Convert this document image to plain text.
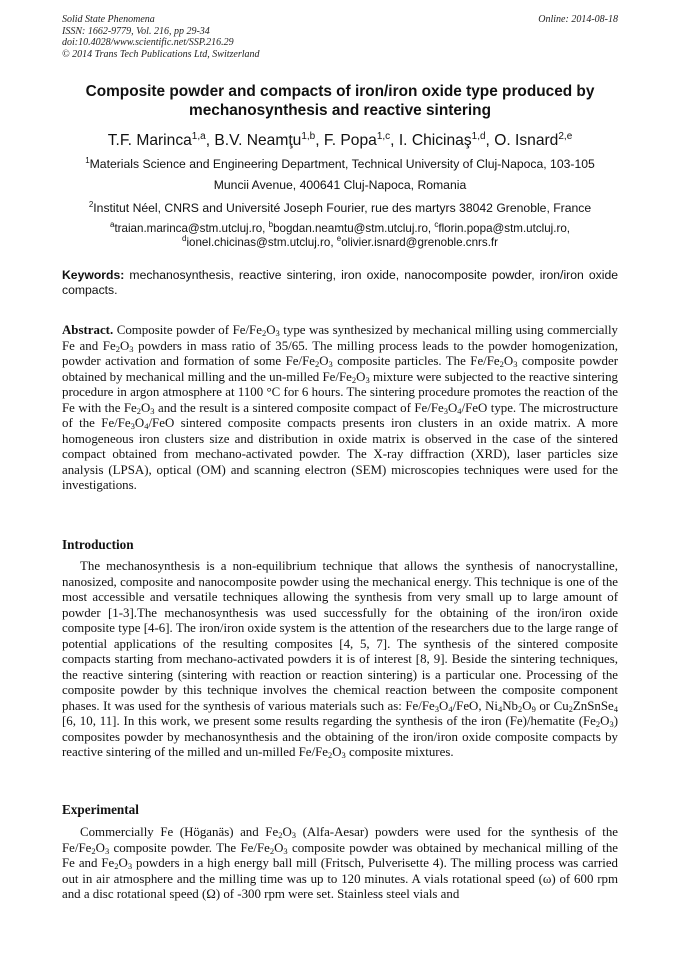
Solid State Phenomena
ISSN: 1662-9779, Vol. 216, pp 29-34
doi:10.4028/www.scientific.net/SSP.216.29
© 2014 Trans Tech Publications Ltd, Switzerland
Online: 2014-08-18
Composite powder and compacts of iron/iron oxide type produced by mechanosynthesis and reactive sintering
T.F. Marinca$^{1,a}$, B.V. Neamţu$^{1,b}$, F. Popa$^{1,c}$, I. Chicinaş$^{1,d}$, O. Isnard$^{2,e}$
$^1$Materials Science and Engineering Department, Technical University of Cluj-Napoca, 103-105
Muncii Avenue, 400641 Cluj-Napoca, Romania
$^2$Institut Néel, CNRS and Université Joseph Fourier, rue des martyrs 38042 Grenoble, France
$^a$traian.marinca@stm.utcluj.ro, $^b$bogdan.neamtu@stm.utcluj.ro, $^c$florin.popa@stm.utcluj.ro,
$^d$ionel.chicinas@stm.utcluj.ro, $^e$olivier.isnard@grenoble.cnrs.fr
Keywords: mechanosynthesis, reactive sintering, iron oxide, nanocomposite powder, iron/iron oxide compacts.

Abstract. Composite powder of $Fe/Fe_2O_3$ type was synthesized by mechanical milling using commercially Fe and $Fe_2O_3$ powders in mass ratio of 35/65. The milling process leads to the powder homogenization, powder activation and formation of some $Fe/Fe_2O_3$ composite particles. The $Fe/Fe_2O_3$ composite powder obtained by mechanical milling and the un-milled $Fe/Fe_2O_3$ mixture were subjected to the reactive sintering procedure in argon atmosphere at 1100 °C for 6 hours. The sintering procedure promotes the reaction of the Fe with the $Fe_2O_3$ and the result is a sintered composite compact of $Fe/Fe_3O_4$/FeO type. The microstructure of the $Fe/Fe_3O_4$/FeO sintered composite compacts presents iron clusters in an oxide matrix. A more homogeneous iron clusters size and distribution in oxide matrix is observed in the case of the sintered compact obtained from mechano-activated powder. The X-ray diffraction (XRD), laser particles size analysis (LPSA), optical (OM) and scanning electron (SEM) microscopies techniques were used for the investigations.

Introduction

The mechanosynthesis is a non-equilibrium technique that allows the synthesis of nanocrystalline, nanosized, composite and nanocomposite powder using the mechanical energy. This technique is one of the most accessible and versatile techniques allowing the synthesis from very small up to large amount of powder [1-3].The mechanosynthesis was used successfully for the obtaining of the iron/iron oxide composite type [4-6]. The iron/iron oxide system is the attention of the researchers due to the large range of potential applications of the resulting composites [4, 5, 7]. The synthesis of the sintered composite compacts starting from mechano-activated powders it is of interest [8, 9]. Beside the sintering techniques, the reactive sintering (sintering with reaction or reaction sintering) is a particular one. Processing of the composite powder by this technique involves the chemical reaction between the composite component phases. It was used for the synthesis of various materials such as: $Fe/Fe_3O_4$/FeO, $Ni_4Nb_2O_9$ or $Cu_2ZnSnSe_4$ [6, 10, 11]. In this work, we present some results regarding the synthesis of the iron (Fe)/hematite $(Fe_2O_3)$ composites powder by mechanosynthesis and the obtaining of the iron/iron oxide composite compacts by reactive sintering of the milled and un-milled $Fe/Fe_2O_3$ composite mixtures.

Experimental

Commercially Fe (Höganäs) and $Fe_2O_3$ (Alfa-Aesar) powders were used for the synthesis of the $Fe/Fe_2O_3$ composite powder. The $Fe/Fe_2O_3$ composite powder was obtained by mechanical milling of the Fe and $Fe_2O_3$ powders in a high energy ball mill (Fritsch, Pulverisette 4). The milling process was carried out in air atmosphere and the milling time was up to 120 minutes. A vials rotational speed (ω) of 600 rpm and a disc rotational speed (Ω) of -300 rpm were set. Stainless steel vials and
